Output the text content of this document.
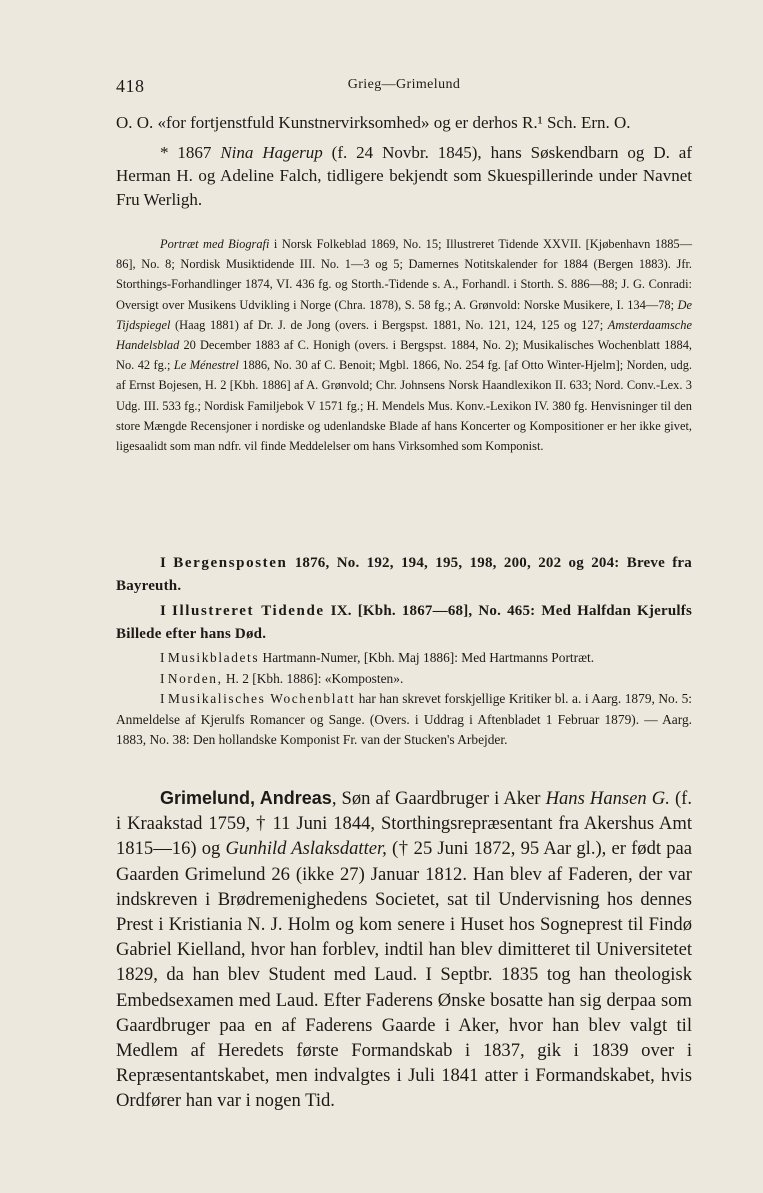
418	Grieg—Grimelund

O. O. «for fortjenstfuld Kunstnervirksomhed» og er derhos R.¹ Sch. Ern. O.

* 1867 Nina Hagerup (f. 24 Novbr. 1845), hans Søskendbarn og D. af Herman H. og Adeline Falch, tidligere bekjendt som Skuespillerinde under Navnet Fru Werligh.

Portræt med Biografi i Norsk Folkeblad 1869, No. 15; Illustreret Tidende XXVII. [Kjøbenhavn 1885—86], No. 8; Nordisk Musiktidende III. No. 1—3 og 5; Damernes Notitskalender for 1884 (Bergen 1883). Jfr. Storthings-Forhandlinger 1874, VI. 436 fg. og Storth.-Tidende s. A., Forhandl. i Storth. S. 886—88; J. G. Conradi: Oversigt over Musikens Udvikling i Norge (Chra. 1878), S. 58 fg.; A. Grønvold: Norske Musikere, I. 134—78; De Tijdspiegel (Haag 1881) af Dr. J. de Jong (overs. i Bergspst. 1881, No. 121, 124, 125 og 127; Amsterdaamsche Handelsblad 20 December 1883 af C. Honigh (overs. i Bergspst. 1884, No. 2); Musikalisches Wochenblatt 1884, No. 42 fg.; Le Ménestrel 1886, No. 30 af C. Benoit; Mgbl. 1866, No. 254 fg. [af Otto Winter-Hjelm]; Norden, udg. af Ernst Bojesen, H. 2 [Kbh. 1886] af A. Grønvold; Chr. Johnsens Norsk Haandlexikon II. 633; Nord. Conv.-Lex. 3 Udg. III. 533 fg.; Nordisk Familjebok V 1571 fg.; H. Mendels Mus. Konv.-Lexikon IV. 380 fg. Henvisninger til den store Mængde Recensjoner i nordiske og udenlandske Blade af hans Koncerter og Kompositioner er her ikke givet, ligesaalidt som man ndfr. vil finde Meddelelser om hans Virksomhed som Komponist.

I Bergensposten 1876, No. 192, 194, 195, 198, 200, 202 og 204: Breve fra Bayreuth.

I Illustreret Tidende IX. [Kbh. 1867—68], No. 465: Med Halfdan Kjerulfs Billede efter hans Død.

I Musikbladets Hartmann-Numer, [Kbh. Maj 1886]: Med Hartmanns Portræt.

I Norden, H. 2 [Kbh. 1886]: «Komposten».

I Musikalisches Wochenblatt har han skrevet forskjellige Kritiker bl. a. i Aarg. 1879, No. 5: Anmeldelse af Kjerulfs Romancer og Sange. (Overs. i Uddrag i Aftenbladet 1 Februar 1879). — Aarg. 1883, No. 38: Den hollandske Komponist Fr. van der Stucken's Arbejder.

Grimelund, Andreas, Søn af Gaardbruger i Aker Hans Hansen G. (f. i Kraakstad 1759, † 11 Juni 1844, Storthingsrepræsentant fra Akershus Amt 1815—16) og Gunhild Aslaksdatter, († 25 Juni 1872, 95 Aar gl.), er født paa Gaarden Grimelund 26 (ikke 27) Januar 1812. Han blev af Faderen, der var indskreven i Brødremenighedens Societet, sat til Undervisning hos dennes Prest i Kristiania N. J. Holm og kom senere i Huset hos Sogneprest til Findø Gabriel Kielland, hvor han forblev, indtil han blev dimitteret til Universitetet 1829, da han blev Student med Laud. I Septbr. 1835 tog han theologisk Embedsexamen med Laud. Efter Faderens Ønske bosatte han sig derpaa som Gaardbruger paa en af Faderens Gaarde i Aker, hvor han blev valgt til Medlem af Heredets første Formandskab i 1837, gik i 1839 over i Repræsentantskabet, men indvalgtes i Juli 1841 atter i Formandskabet, hvis Ordfører han var i nogen Tid.
